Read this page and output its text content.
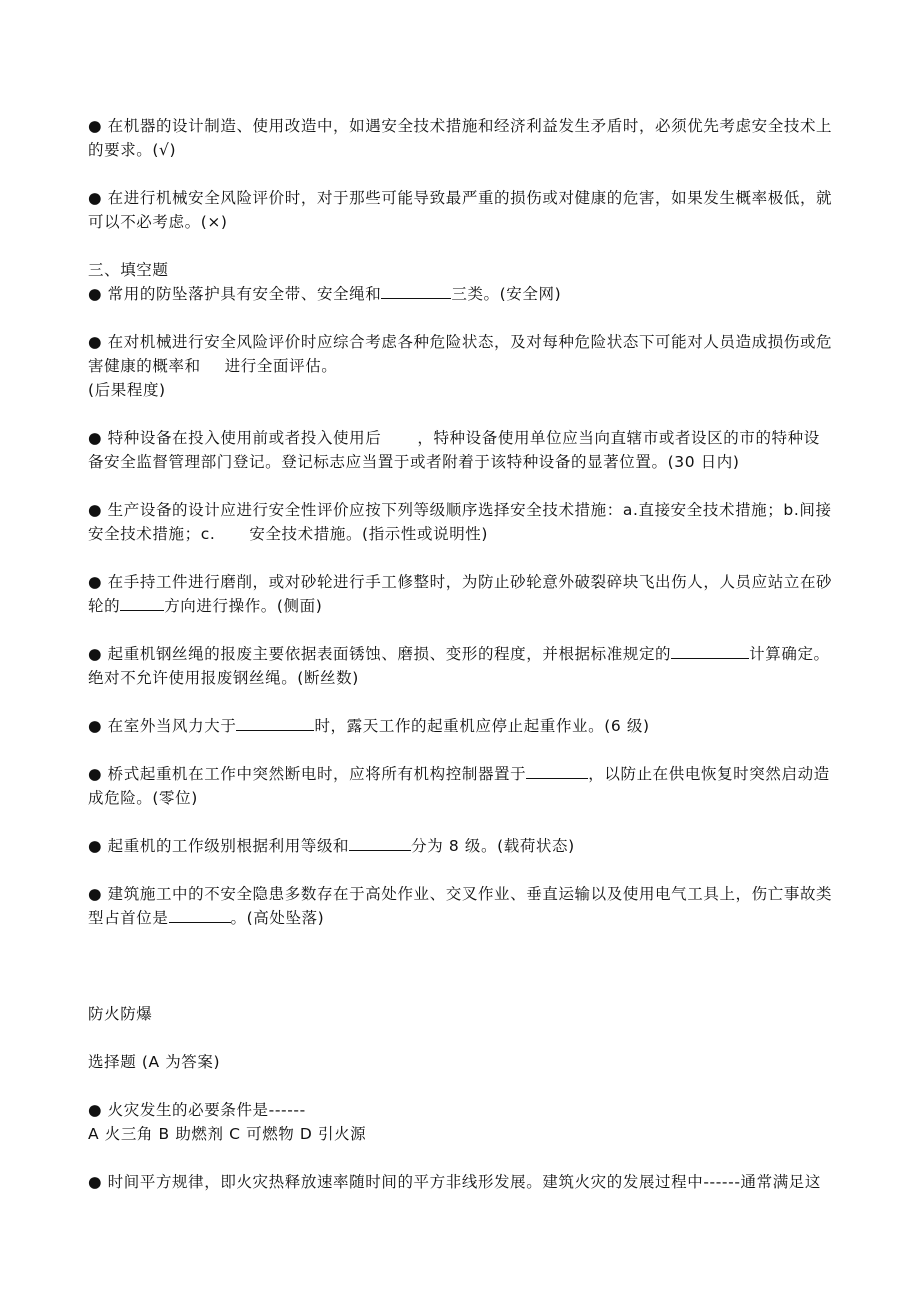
● 在机器的设计制造、使用改造中，如遇安全技术措施和经济利益发生矛盾时，必须优先考虑安全技术上
的要求。(√)
● 在进行机械安全风险评价时，对于那些可能导致最严重的损伤或对健康的危害，如果发生概率极低，就
可以不必考虑。(×)
三、填空题
● 常用的防坠落护具有安全带、安全绳和	三类。(安全网)
● 在对机械进行安全风险评价时应综合考虑各种危险状态，及对每种危险状态下可能对人员造成损伤或危
害健康的概率和 进行全面评估。
(后果程度)
● 特种设备在投入使用前或者投入使用后 ，特种设备使用单位应当向直辖市或者设区的市的特种设
备安全监督管理部门登记。登记标志应当置于或者附着于该特种设备的显著位置。(30 日内)
● 生产设备的设计应进行安全性评价应按下列等级顺序选择安全技术措施：a.直接安全技术措施；b.间接
安全技术措施；c. 安全技术措施。(指示性或说明性)
● 在手持工件进行磨削，或对砂轮进行手工修整时，为防止砂轮意外破裂碎块飞出伤人，人员应站立在砂
轮的	方向进行操作。(侧面)
● 起重机钢丝绳的报废主要依据表面锈蚀、磨损、变形的程度，并根据标准规定的	计算确定。
绝对不允许使用报废钢丝绳。(断丝数)
● 在室外当风力大于	时，露天工作的起重机应停止起重作业。(6 级)
● 桥式起重机在工作中突然断电时，应将所有机构控制器置于	，以防止在供电恢复时突然启动造
成危险。(零位)
● 起重机的工作级别根据利用等级和	分为 8 级。(载荷状态)
● 建筑施工中的不安全隐患多数存在于高处作业、交叉作业、垂直运输以及使用电气工具上，伤亡事故类
型占首位是	。(高处坠落)
防火防爆
选择题 (A 为答案)
● 火灾发生的必要条件是------
A 火三角 B 助燃剂 C 可燃物 D 引火源
● 时间平方规律，即火灾热释放速率随时间的平方非线形发展。建筑火灾的发展过程中------通常满足这
